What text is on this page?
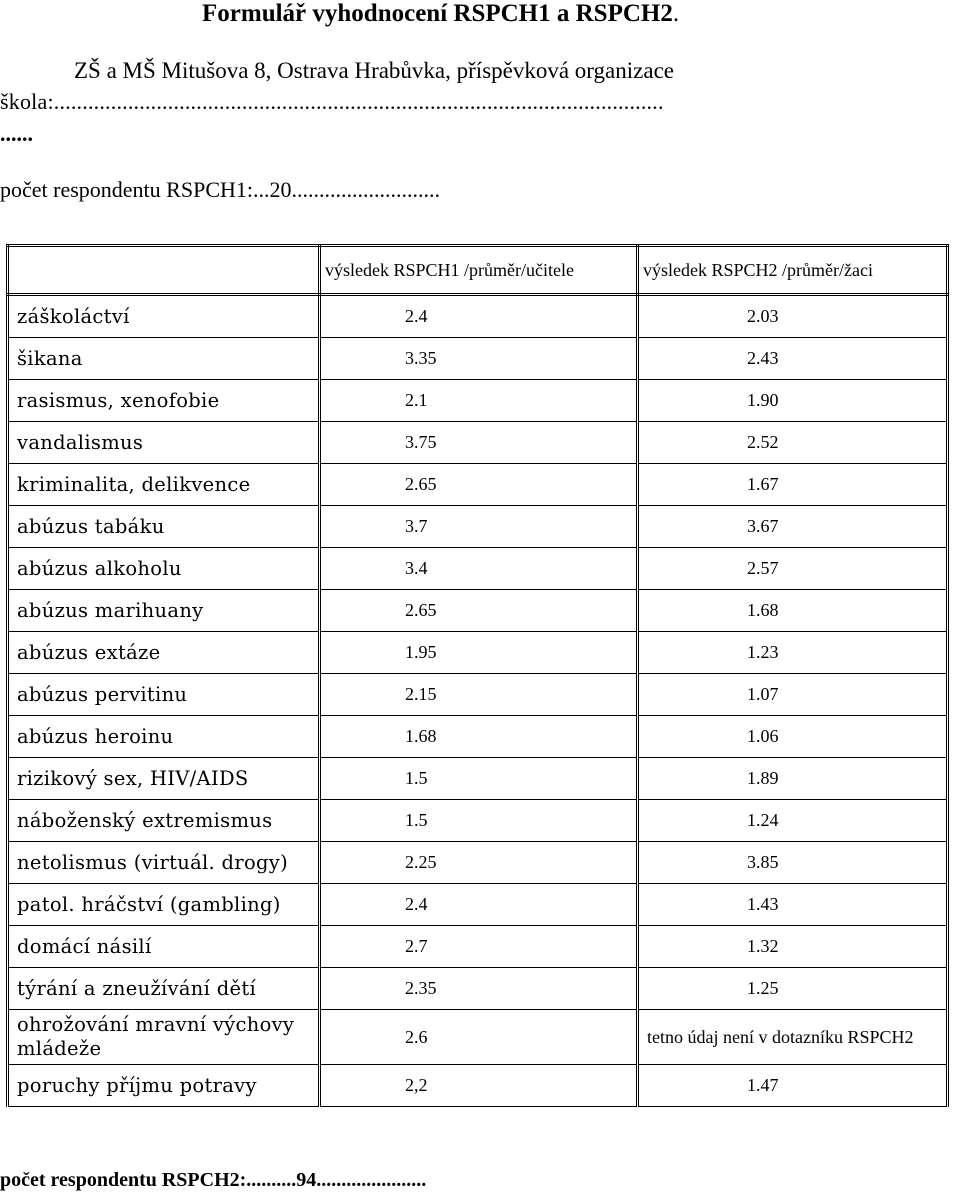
Formulář vyhodnocení RSPCH1 a RSPCH2.
ZŠ a MŠ Mitušova 8, Ostrava Hrabůvka, příspěvková organizace
škola:...........................................................................................................
......
počet respondentu RSPCH1:...20...........................
	výsledek RSPCH1 /průměr/učitele	výsledek RSPCH2 /průměr/žaci
záškoláctví	2.4	2.03
šikana	3.35	2.43
rasismus, xenofobie	2.1	1.90
vandalismus	3.75	2.52
kriminalita, delikvence	2.65	1.67
abúzus tabáku	3.7	3.67
abúzus alkoholu	3.4	2.57
abúzus marihuany	2.65	1.68
abúzus extáze	1.95	1.23
abúzus pervitinu	2.15	1.07
abúzus heroinu	1.68	1.06
rizikový sex, HIV/AIDS	1.5	1.89
náboženský extremismus	1.5	1.24
netolismus (virtuál. drogy)	2.25	3.85
patol. hráčství (gambling)	2.4	1.43
domácí násilí	2.7	1.32
týrání a zneužívání dětí	2.35	1.25
ohrožování mravní výchovy mládeže	2.6	tetno údaj není v dotazníku RSPCH2
poruchy příjmu potravy	2,2	1.47
počet respondentu RSPCH2:..........94......................
